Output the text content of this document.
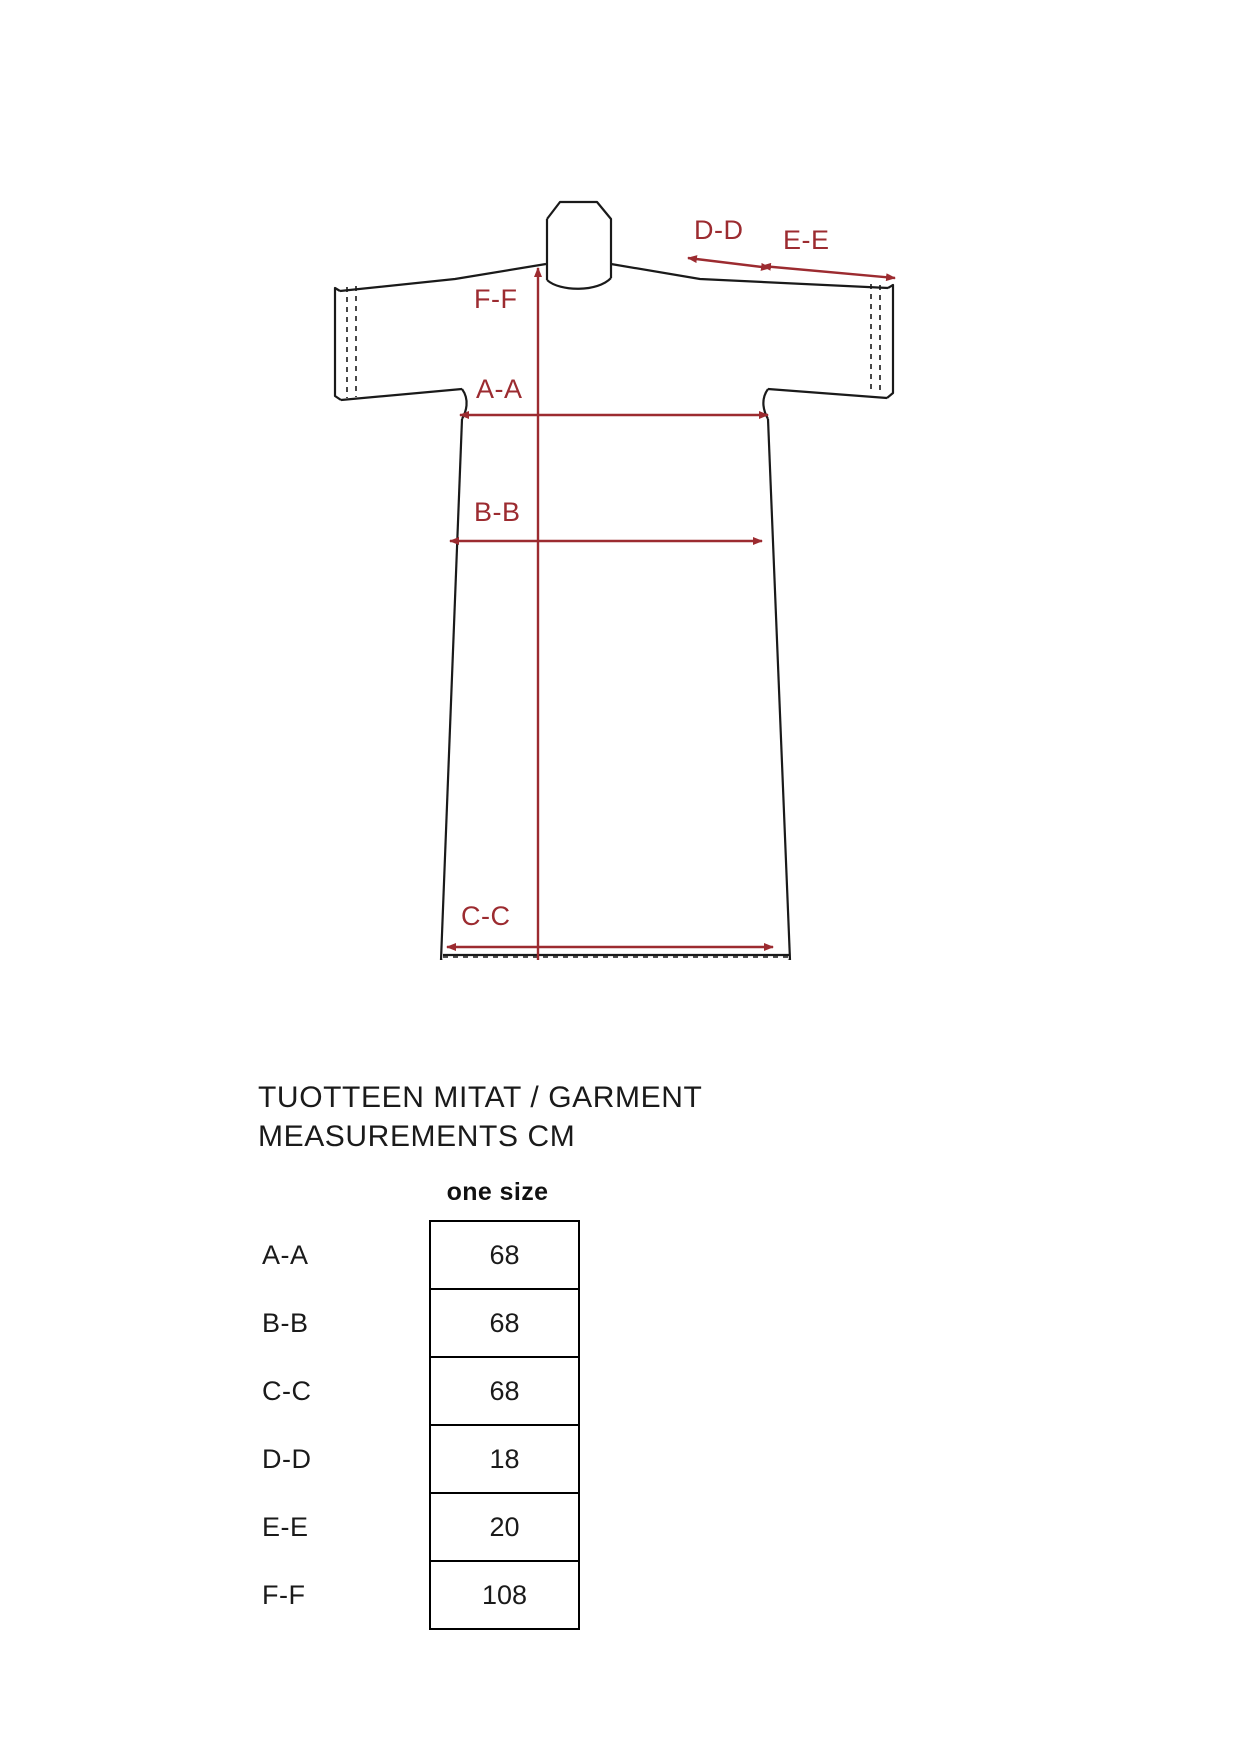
D-D E-E
F-F
A-A
B-B
C-C
TUOTTEEN MITAT / GARMENT MEASUREMENTS CM
one size
A-A	68
B-B	68
C-C	68
D-D	18
E-E	20
F-F	108
